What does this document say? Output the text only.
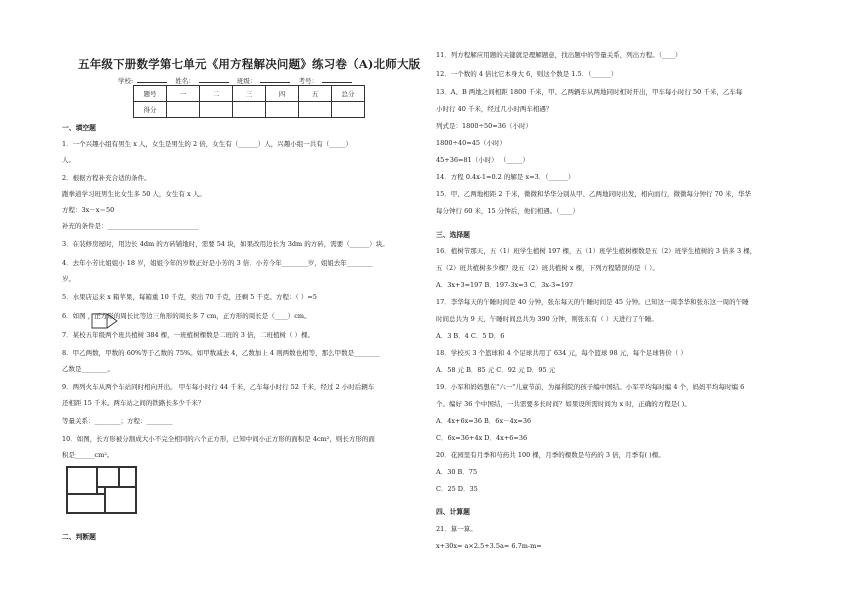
五年级下册数学第七单元《用方程解决问题》练习卷（A)北师大版
学校:	姓名：	班级：	考号：
题号	一	二	三	四	五	总分
得分						
一、填空题
1．一个兴趣小组有男生 x 人，女生是男生的 2 倍，女生有（______）人，兴趣小组一共有（_____）
人。
2．根据方程补充合适的条件。
跑拳道学习班男生比女生多 50 人，女生有 x 人。
方程：3x－x＝50
补充的条件是：____________________________
3．在装修房屋时，用边长 4dm 的方砖铺地时，需要 54 块，如果改用边长为 3dm 的方砖，需要（______）块。
4．去年小芳比姐姐小 18 岁，姐姐今年的岁数正好是小芳的 3 倍．小芳今年________岁，姐姐去年________
岁。
5．水果店运来 x 箱苹果，每箱重 10 千克，卖出 70 千克，还剩 5 千克。方程：（ ）=5
6．如图 ，正方形的周长比等边三角形的周长多 7 cm，正方形的周长是（____）cm。
7．某校五年级两个班共植树 384 棵，一班植树棵数是二班的 3 倍，二班植树（ ）棵。
8．甲乙两数，甲数的 60%等于乙数的 75%。如甲数减去 4，乙数加上 4 则两数也相等，那么甲数是________
乙数是________。
9．两列火车从两个车站同时相向开出。 甲车每小时行 44 千米，乙车每小时行 52 千米，经过 2 小时后辆车
还相距 15 千米。两车站之间的铁路长多少千米？
等量关系：________；方程：________
10．如图，长方形被分割成大小不完全相同的六个正方形，已知中间小正方形的面积是 4cm²，则长方形的面
积是______cm²。
二、判断题
11．列方程解应用题的关键就是理解题意，找出题中的等量关系，列出方程。（____）
12．一个数的 4 倍比它本身大 6，则这个数是 1.5．（______）
13．A、B 两地之间相距 1800 千米，甲、乙两辆车从两地同时相对开出，甲车每小时行 50 千米，乙车每
小时行 40 千米，经过几小时两车相遇？
列式是：1800÷50=36（小时）
1800÷40=45（小时）
45+36=81（小时） （_____）
14．方程 0.4x-1=0.2 的解是 x=3．（______）
15．甲、乙两地相距 2 千米，微微和华华分别从甲、乙两地同时出发，相向而行，微微每分钟行 70 米，华华
每分钟行 60 米，15 分钟后，他们相遇。（____）
三、选择题
16．植树节那天，五（1）班学生植树 197 棵，五（1）班学生植树棵数是五（2）班学生植树的 3 倍多 3 棵，
五（2）班共植树多少棵？设五（2）班共植树 x 棵，下列方程错误的是（ ）。
A．3x+3=197 B．197-3x=3 C．3x-3=197
17．李华每天的午睡时间是 40 分钟，张东每天的午睡时间是 45 分钟。已知这一周李华和张东这一周的午睡
时间总共为 9 天，午睡时间总共为 390 分钟，则张东有（ ）天进行了午睡。
A．3 B．4 C．5 D．6
18．学校买 3 个篮球和 4 个足球共用了 634 元，每个篮球 98 元，每个足球售价（ ）
A．58 元 B．85 元 C．92 元 D．95 元
19．小军和妈妈想在"六一"儿童节前，为福利院的孩子编中国结。小军平均每时编 4 个，妈妈平均每时编 6
个。编好 36 个中国结，一共需要多长时间？如果设所需时间为 x 时，正确的方程是( )。
A．4x+6x=36 B．6x－4x=36
C．6x=36+4x D．4x+6=36
20．花园里有月季和芍药共 100 棵，月季的棵数是芍药的 3 倍，月季有( )棵。
A．30 B．75
C．25 D．35
四、计算题
21．算一算。
x+30x= a×2.5+3.5a= 6.7m-m=
